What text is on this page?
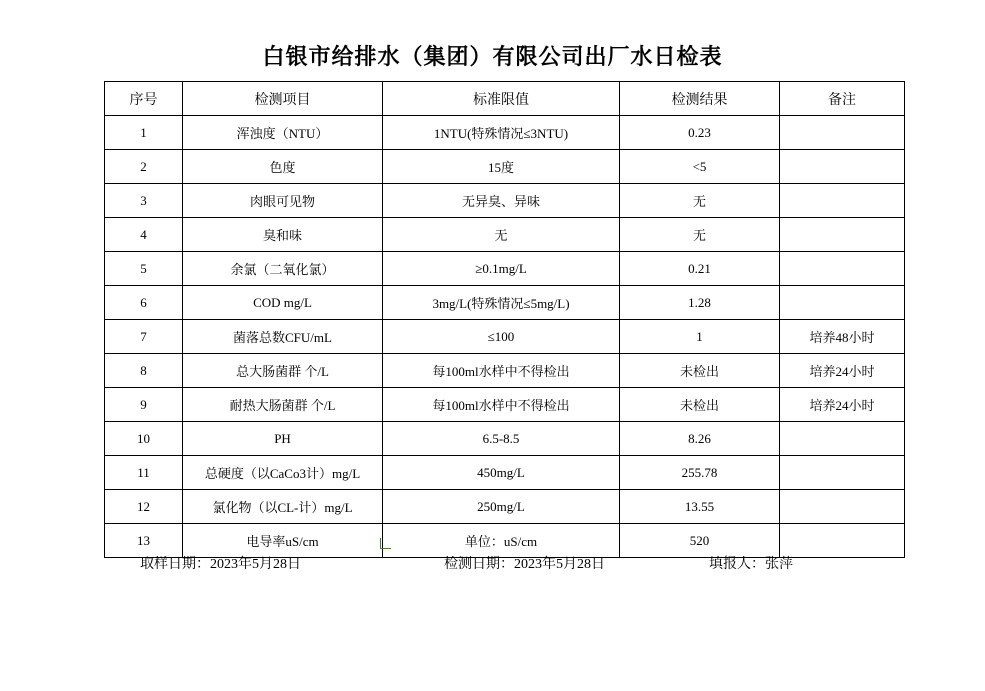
白银市给排水（集团）有限公司出厂水日检表
序号	检测项目	标准限值	检测结果	备注
1	浑浊度（NTU）	1NTU(特殊情况≤3NTU)	0.23	
2	色度	15度	<5	
3	肉眼可见物	无异臭、异味	无	
4	臭和味	无	无	
5	余氯（二氧化氯）	≥0.1mg/L	0.21	
6	COD mg/L	3mg/L(特殊情况≤5mg/L)	1.28	
7	菌落总数CFU/mL	≤100	1	培养48小时
8	总大肠菌群 个/L	每100ml水样中不得检出	未检出	培养24小时
9	耐热大肠菌群 个/L	每100ml水样中不得检出	未检出	培养24小时
10	PH	6.5-8.5	8.26	
11	总硬度（以CaCo3计）mg/L	450mg/L	255.78	
12	氯化物（以CL-计）mg/L	250mg/L	13.55	
13	电导率uS/cm	单位：uS/cm	520	
取样日期：2023年5月28日	检测日期：2023年5月28日	填报人：张萍
